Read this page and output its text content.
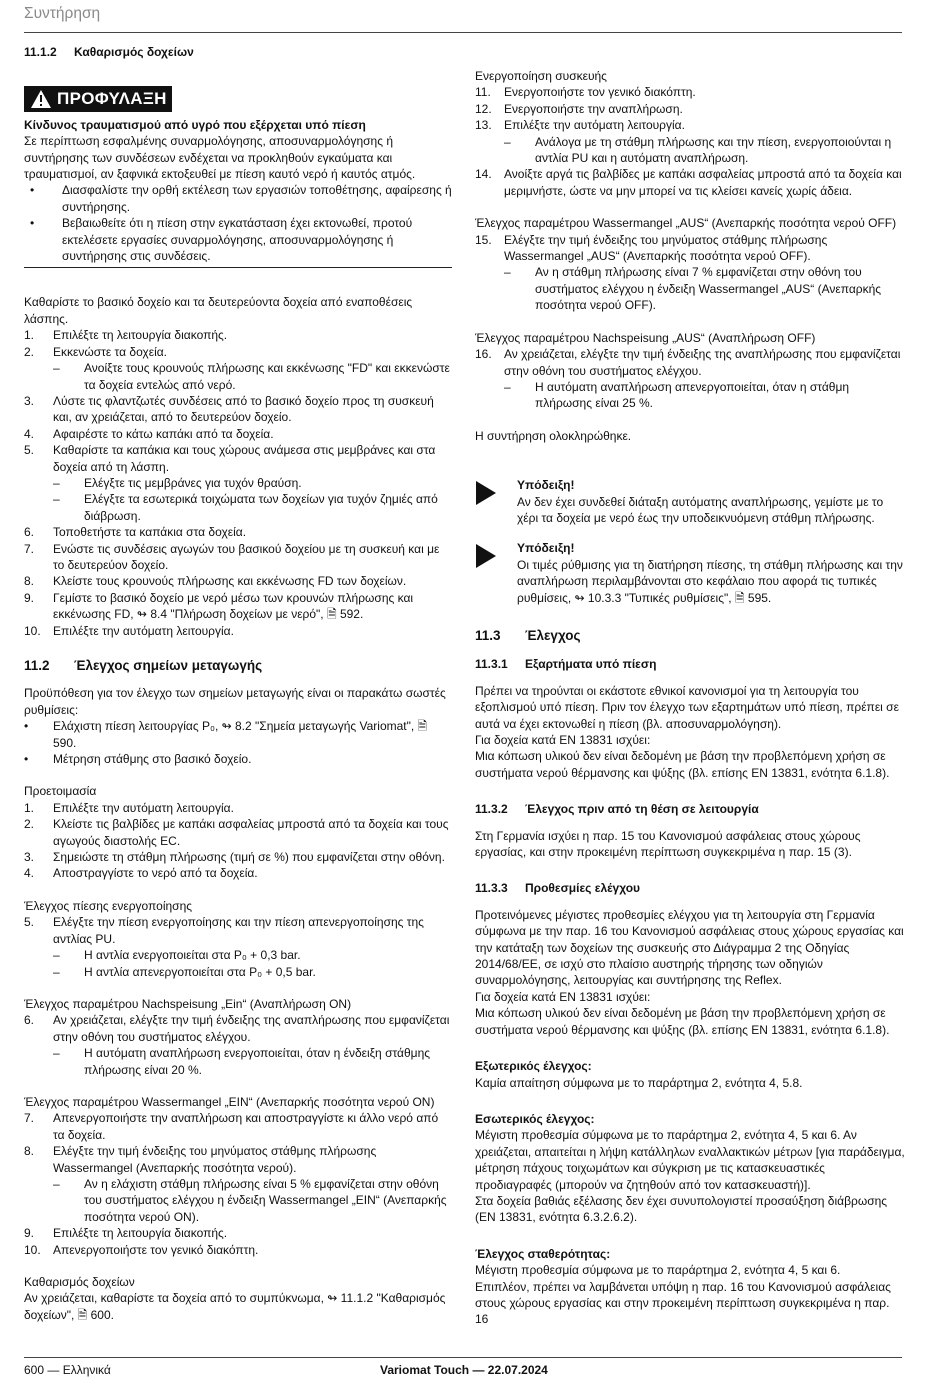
Συντήρηση
11.1.2 Καθαρισμός δοχείων
ΠΡΟΦΥΛΑΞΗ
Κίνδυνος τραυματισμού από υγρό που εξέρχεται υπό πίεση

Σε περίπτωση εσφαλμένης συναρμολόγησης, αποσυναρμολόγησης ή συντήρησης των συνδέσεων ενδέχεται να προκληθούν εγκαύματα και τραυματισμοί, αν ξαφνικά εκτοξευθεί με πίεση καυτό νερό ή καυτός ατμός.

•	Διασφαλίστε την ορθή εκτέλεση των εργασιών τοποθέτησης, αφαίρεσης ή συντήρησης.
•	Βεβαιωθείτε ότι η πίεση στην εγκατάσταση έχει εκτονωθεί, προτού εκτελέσετε εργασίες συναρμολόγησης, αποσυναρμολόγησης ή συντήρησης στις συνδέσεις.

Καθαρίστε το βασικό δοχείο και τα δευτερεύοντα δοχεία από εναποθέσεις λάσπης.

1.	Επιλέξτε τη λειτουργία διακοπής.
2.	Εκκενώστε τα δοχεία.
–	Ανοίξτε τους κρουνούς πλήρωσης και εκκένωσης "FD" και εκκενώστε τα δοχεία εντελώς από νερό.
3.	Λύστε τις φλαντζωτές συνδέσεις από το βασικό δοχείο προς τη συσκευή και, αν χρειάζεται, από το δευτερεύον δοχείο.
4.	Αφαιρέστε το κάτω καπάκι από τα δοχεία.
5.	Καθαρίστε τα καπάκια και τους χώρους ανάμεσα στις μεμβράνες και στα δοχεία από τη λάσπη.
–	Ελέγξτε τις μεμβράνες για τυχόν θραύση.
–	Ελέγξτε τα εσωτερικά τοιχώματα των δοχείων για τυχόν ζημιές από διάβρωση.
6.	Τοποθετήστε τα καπάκια στα δοχεία.
7.	Ενώστε τις συνδέσεις αγωγών του βασικού δοχείου με τη συσκευή και με το δευτερεύον δοχείο.
8.	Κλείστε τους κρουνούς πλήρωσης και εκκένωσης FD των δοχείων.
9.	Γεμίστε το βασικό δοχείο με νερό μέσω των κρουνών πλήρωσης και εκκένωσης FD, ↬ 8.4 "Πλήρωση δοχείων με νερό", 🗎 592.
10.	Επιλέξτε την αυτόματη λειτουργία.
11.2 Έλεγχος σημείων μεταγωγής

Προϋπόθεση για τον έλεγχο των σημείων μεταγωγής είναι οι παρακάτω σωστές ρυθμίσεις:

•	Ελάχιστη πίεση λειτουργίας P₀, ↬ 8.2 "Σημεία μεταγωγής Variomat", 🗎 590.
•	Μέτρηση στάθμης στο βασικό δοχείο.

Προετοιμασία

1.	Επιλέξτε την αυτόματη λειτουργία.
2.	Κλείστε τις βαλβίδες με καπάκι ασφαλείας μπροστά από τα δοχεία και τους αγωγούς διαστολής EC.
3.	Σημειώστε τη στάθμη πλήρωσης (τιμή σε %) που εμφανίζεται στην οθόνη.
4.	Αποστραγγίστε το νερό από τα δοχεία.

Έλεγχος πίεσης ενεργοποίησης

5.	Ελέγξτε την πίεση ενεργοποίησης και την πίεση απενεργοποίησης της αντλίας PU.
–	Η αντλία ενεργοποιείται στα P₀ + 0,3 bar.
–	Η αντλία απενεργοποιείται στα P₀ + 0,5 bar.

Έλεγχος παραμέτρου Nachspeisung „Ein“ (Αναπλήρωση ON)

6.	Αν χρειάζεται, ελέγξτε την τιμή ένδειξης της αναπλήρωσης που εμφανίζεται στην οθόνη του συστήματος ελέγχου.
–	Η αυτόματη αναπλήρωση ενεργοποιείται, όταν η ένδειξη στάθμης πλήρωσης είναι 20 %.

Έλεγχος παραμέτρου Wassermangel „EIN“ (Ανεπαρκής ποσότητα νερού ON)

7.	Απενεργοποιήστε την αναπλήρωση και αποστραγγίστε κι άλλο νερό από τα δοχεία.
8.	Ελέγξτε την τιμή ένδειξης του μηνύματος στάθμης πλήρωσης Wassermangel (Ανεπαρκής ποσότητα νερού).
–	Αν η ελάχιστη στάθμη πλήρωσης είναι 5 % εμφανίζεται στην οθόνη του συστήματος ελέγχου η ένδειξη Wassermangel „EIN“ (Ανεπαρκής ποσότητα νερού ON).
9.	Επιλέξτε τη λειτουργία διακοπής.
10.	Απενεργοποιήστε τον γενικό διακόπτη.

Καθαρισμός δοχείων

Αν χρειάζεται, καθαρίστε τα δοχεία από το συμπύκνωμα, ↬ 11.1.2 "Καθαρισμός δοχείων", 🗎 600.

Ενεργοποίηση συσκευής

11.	Ενεργοποιήστε τον γενικό διακόπτη.
12.	Ενεργοποιήστε την αναπλήρωση.
13.	Επιλέξτε την αυτόματη λειτουργία.
–	Ανάλογα με τη στάθμη πλήρωσης και την πίεση, ενεργοποιούνται η αντλία PU και η αυτόματη αναπλήρωση.
14.	Ανοίξτε αργά τις βαλβίδες με καπάκι ασφαλείας μπροστά από τα δοχεία και μεριμνήστε, ώστε να μην μπορεί να τις κλείσει κανείς χωρίς άδεια.

Έλεγχος παραμέτρου Wassermangel „AUS“ (Ανεπαρκής ποσότητα νερού OFF)

15.	Ελέγξτε την τιμή ένδειξης του μηνύματος στάθμης πλήρωσης Wassermangel „AUS“ (Ανεπαρκής ποσότητα νερού OFF).
–	Αν η στάθμη πλήρωσης είναι 7 % εμφανίζεται στην οθόνη του συστήματος ελέγχου η ένδειξη Wassermangel „AUS“ (Ανεπαρκής ποσότητα νερού OFF).

Έλεγχος παραμέτρου Nachspeisung „AUS“ (Αναπλήρωση OFF)

16.	Αν χρειάζεται, ελέγξτε την τιμή ένδειξης της αναπλήρωσης που εμφανίζεται στην οθόνη του συστήματος ελέγχου.
–	Η αυτόματη αναπλήρωση απενεργοποιείται, όταν η στάθμη πλήρωσης είναι 25 %.

Η συντήρηση ολοκληρώθηκε.

Υπόδειξη!

Αν δεν έχει συνδεθεί διάταξη αυτόματης αναπλήρωσης, γεμίστε με το χέρι τα δοχεία με νερό έως την υποδεικνυόμενη στάθμη πλήρωσης.

Υπόδειξη!

Οι τιμές ρύθμισης για τη διατήρηση πίεσης, τη στάθμη πλήρωσης και την αναπλήρωση περιλαμβάνονται στο κεφάλαιο που αφορά τις τυπικές ρυθμίσεις, ↬ 10.3.3 "Τυπικές ρυθμίσεις", 🗎 595.

11.3 Έλεγχος
11.3.1 Εξαρτήματα υπό πίεση

Πρέπει να τηρούνται οι εκάστοτε εθνικοί κανονισμοί για τη λειτουργία του εξοπλισμού υπό πίεση. Πριν τον έλεγχο των εξαρτημάτων υπό πίεση, πρέπει σε αυτά να έχει εκτονωθεί η πίεση (βλ. αποσυναρμολόγηση).

Για δοχεία κατά EN 13831 ισχύει:

Μια κόπωση υλικού δεν είναι δεδομένη με βάση την προβλεπόμενη χρήση σε συστήματα νερού θέρμανσης και ψύξης (βλ. επίσης EN 13831, ενότητα 6.1.8).

11.3.2 Έλεγχος πριν από τη θέση σε λειτουργία

Στη Γερμανία ισχύει η παρ. 15 του Κανονισμού ασφάλειας στους χώρους εργασίας, και στην προκειμένη περίπτωση συγκεκριμένα η παρ. 15 (3).

11.3.3 Προθεσμίες ελέγχου

Προτεινόμενες μέγιστες προθεσμίες ελέγχου για τη λειτουργία στη Γερμανία σύμφωνα με την παρ. 16 του Κανονισμού ασφάλειας στους χώρους εργασίας και την κατάταξη των δοχείων της συσκευής στο Διάγραμμα 2 της Οδηγίας 2014/68/EE, σε ισχύ στο πλαίσιο αυστηρής τήρησης των οδηγιών συναρμολόγησης, λειτουργίας και συντήρησης της Reflex.

Για δοχεία κατά EN 13831 ισχύει:

Μια κόπωση υλικού δεν είναι δεδομένη με βάση την προβλεπόμενη χρήση σε συστήματα νερού θέρμανσης και ψύξης (βλ. επίσης EN 13831, ενότητα 6.1.8).

Εξωτερικός έλεγχος:

Καμία απαίτηση σύμφωνα με το παράρτημα 2, ενότητα 4, 5.8.

Εσωτερικός έλεγχος:

Μέγιστη προθεσμία σύμφωνα με το παράρτημα 2, ενότητα 4, 5 και 6. Αν χρειάζεται, απαιτείται η λήψη κατάλληλων εναλλακτικών μέτρων [για παράδειγμα, μέτρηση πάχους τοιχωμάτων και σύγκριση με τις κατασκευαστικές προδιαγραφές (μπορούν να ζητηθούν από τον κατασκευαστή)].

Στα δοχεία βαθιάς εξέλασης δεν έχει συνυπολογιστεί προσαύξηση διάβρωσης (EN 13831, ενότητα 6.3.2.6.2).

Έλεγχος σταθερότητας:

Μέγιστη προθεσμία σύμφωνα με το παράρτημα 2, ενότητα 4, 5 και 6.

Επιπλέον, πρέπει να λαμβάνεται υπόψη η παρ. 16 του Κανονισμού ασφάλειας στους χώρους εργασίας και στην προκειμένη περίπτωση συγκεκριμένα η παρ. 16

600 — Ελληνικά	Variomat Touch — 22.07.2024
